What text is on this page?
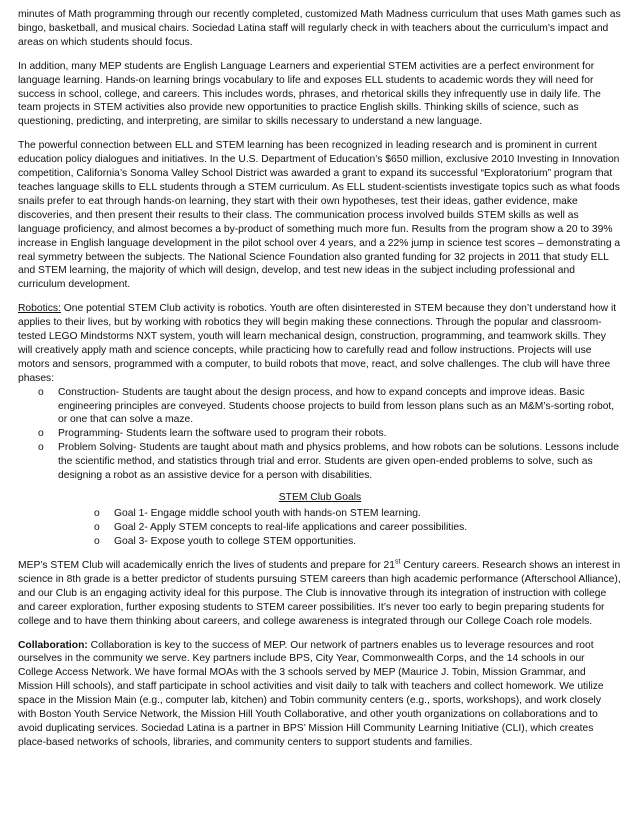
minutes of Math programming through our recently completed, customized Math Madness curriculum that uses Math games such as bingo, basketball, and musical chairs. Sociedad Latina staff will regularly check in with teachers about the curriculum’s impact and areas on which students should focus.

In addition, many MEP students are English Language Learners and experiential STEM activities are a perfect environment for language learning. Hands-on learning brings vocabulary to life and exposes ELL students to academic words they will need for success in school, college, and careers. This includes words, phrases, and rhetorical skills they infrequently use in daily life. The team projects in STEM activities also provide new opportunities to practice English skills. Thinking skills of science, such as questioning, predicting, and interpreting, are similar to skills necessary to understand a new language.

The powerful connection between ELL and STEM learning has been recognized in leading research and is prominent in current education policy dialogues and initiatives. In the U.S. Department of Education’s $650 million, exclusive 2010 Investing in Innovation competition, California’s Sonoma Valley School District was awarded a grant to expand its successful “Exploratorium” program that teaches language skills to ELL students through a STEM curriculum. As ELL student-scientists investigate topics such as what foods snails prefer to eat through hands-on learning, they start with their own hypotheses, test their ideas, gather evidence, make discoveries, and then present their results to their class. The communication process involved builds STEM skills as well as language proficiency, and almost becomes a by-product of something much more fun. Results from the program show a 20 to 39% increase in English language development in the pilot school over 4 years, and a 22% jump in science test scores – demonstrating a real symmetry between the subjects. The National Science Foundation also granted funding for 32 projects in 2011 that study ELL and STEM learning, the majority of which will design, develop, and test new ideas in the subject including professional and curriculum development.

Robotics: One potential STEM Club activity is robotics. Youth are often disinterested in STEM because they don’t understand how it applies to their lives, but by working with robotics they will begin making these connections. Through the popular and classroom-tested LEGO Mindstorms NXT system, youth will learn mechanical design, construction, programming, and teamwork skills. They will creatively apply math and science concepts, while practicing how to carefully read and follow instructions. Projects will use motors and sensors, programmed with a computer, to build robots that move, react, and solve challenges. The club will have three phases:

o Construction- Students are taught about the design process, and how to expand concepts and improve ideas. Basic engineering principles are conveyed. Students choose projects to build from lesson plans such as an M&M’s-sorting robot, or one that can solve a maze.
o Programming- Students learn the software used to program their robots.
o Problem Solving- Students are taught about math and physics problems, and how robots can be solutions. Lessons include the scientific method, and statistics through trial and error. Students are given open-ended problems to solve, such as designing a robot as an assistive device for a person with disabilities.
STEM Club Goals
o Goal 1- Engage middle school youth with hands-on STEM learning.
o Goal 2- Apply STEM concepts to real-life applications and career possibilities.
o Goal 3- Expose youth to college STEM opportunities.

MEP’s STEM Club will academically enrich the lives of students and prepare for 21st Century careers. Research shows an interest in science in 8th grade is a better predictor of students pursuing STEM careers than high academic performance (Afterschool Alliance), and our Club is an engaging activity ideal for this purpose. The Club is innovative through its integration of instruction with college and career exploration, further exposing students to STEM career possibilities. It’s never too early to begin preparing students for college and to have them thinking about careers, and college awareness is integrated through our College Coach role models.

Collaboration: Collaboration is key to the success of MEP. Our network of partners enables us to leverage resources and root ourselves in the community we serve. Key partners include BPS, City Year, Commonwealth Corps, and the 14 schools in our College Access Network. We have formal MOAs with the 3 schools served by MEP (Maurice J. Tobin, Mission Grammar, and Mission Hill schools), and staff participate in school activities and visit daily to talk with teachers and collect homework. We utilize space in the Mission Main (e.g., computer lab, kitchen) and Tobin community centers (e.g., sports, workshops), and work closely with Boston Youth Service Network, the Mission Hill Youth Collaborative, and other youth organizations on collaborations and to avoid duplicating services. Sociedad Latina is a partner in BPS’ Mission Hill Community Learning Initiative (CLI), which creates place-based networks of schools, libraries, and community centers to support students and families.
